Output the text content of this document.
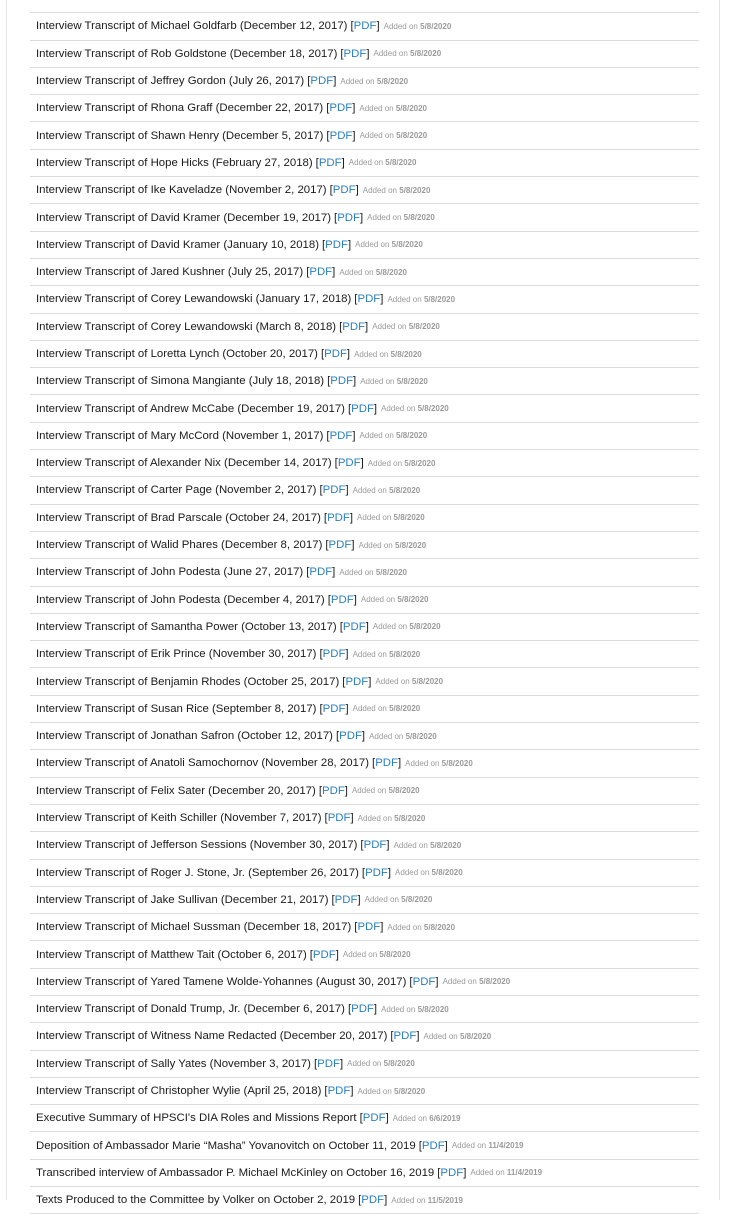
Interview Transcript of Michael Goldfarb (December 12, 2017) [PDF] Added on 5/8/2020
Interview Transcript of Rob Goldstone (December 18, 2017) [PDF] Added on 5/8/2020
Interview Transcript of Jeffrey Gordon (July 26, 2017) [PDF] Added on 5/8/2020
Interview Transcript of Rhona Graff (December 22, 2017) [PDF] Added on 5/8/2020
Interview Transcript of Shawn Henry (December 5, 2017) [PDF] Added on 5/8/2020
Interview Transcript of Hope Hicks (February 27, 2018) [PDF] Added on 5/8/2020
Interview Transcript of Ike Kaveladze (November 2, 2017) [PDF] Added on 5/8/2020
Interview Transcript of David Kramer (December 19, 2017) [PDF] Added on 5/8/2020
Interview Transcript of David Kramer (January 10, 2018) [PDF] Added on 5/8/2020
Interview Transcript of Jared Kushner (July 25, 2017) [PDF] Added on 5/8/2020
Interview Transcript of Corey Lewandowski (January 17, 2018) [PDF] Added on 5/8/2020
Interview Transcript of Corey Lewandowski (March 8, 2018) [PDF] Added on 5/8/2020
Interview Transcript of Loretta Lynch (October 20, 2017) [PDF] Added on 5/8/2020
Interview Transcript of Simona Mangiante (July 18, 2018) [PDF] Added on 5/8/2020
Interview Transcript of Andrew McCabe (December 19, 2017) [PDF] Added on 5/8/2020
Interview Transcript of Mary McCord (November 1, 2017) [PDF] Added on 5/8/2020
Interview Transcript of Alexander Nix (December 14, 2017) [PDF] Added on 5/8/2020
Interview Transcript of Carter Page (November 2, 2017) [PDF] Added on 5/8/2020
Interview Transcript of Brad Parscale (October 24, 2017) [PDF] Added on 5/8/2020
Interview Transcript of Walid Phares (December 8, 2017) [PDF] Added on 5/8/2020
Interview Transcript of John Podesta (June 27, 2017) [PDF] Added on 5/8/2020
Interview Transcript of John Podesta (December 4, 2017) [PDF] Added on 5/8/2020
Interview Transcript of Samantha Power (October 13, 2017) [PDF] Added on 5/8/2020
Interview Transcript of Erik Prince (November 30, 2017) [PDF] Added on 5/8/2020
Interview Transcript of Benjamin Rhodes (October 25, 2017) [PDF] Added on 5/8/2020
Interview Transcript of Susan Rice (September 8, 2017) [PDF] Added on 5/8/2020
Interview Transcript of Jonathan Safron (October 12, 2017) [PDF] Added on 5/8/2020
Interview Transcript of Anatoli Samochornov (November 28, 2017) [PDF] Added on 5/8/2020
Interview Transcript of Felix Sater (December 20, 2017) [PDF] Added on 5/8/2020
Interview Transcript of Keith Schiller (November 7, 2017) [PDF] Added on 5/8/2020
Interview Transcript of Jefferson Sessions (November 30, 2017) [PDF] Added on 5/8/2020
Interview Transcript of Roger J. Stone, Jr. (September 26, 2017) [PDF] Added on 5/8/2020
Interview Transcript of Jake Sullivan (December 21, 2017) [PDF] Added on 5/8/2020
Interview Transcript of Michael Sussman (December 18, 2017) [PDF] Added on 5/8/2020
Interview Transcript of Matthew Tait (October 6, 2017) [PDF] Added on 5/8/2020
Interview Transcript of Yared Tamene Wolde-Yohannes (August 30, 2017) [PDF] Added on 5/8/2020
Interview Transcript of Donald Trump, Jr. (December 6, 2017) [PDF] Added on 5/8/2020
Interview Transcript of Witness Name Redacted (December 20, 2017) [PDF] Added on 5/8/2020
Interview Transcript of Sally Yates (November 3, 2017) [PDF] Added on 5/8/2020
Interview Transcript of Christopher Wylie (April 25, 2018) [PDF] Added on 5/8/2020
Executive Summary of HPSCI's DIA Roles and Missions Report [PDF] Added on 6/6/2019
Deposition of Ambassador Marie “Masha” Yovanovitch on October 11, 2019 [PDF] Added on 11/4/2019
Transcribed interview of Ambassador P. Michael McKinley on October 16, 2019 [PDF] Added on 11/4/2019
Texts Produced to the Committee by Volker on October 2, 2019 [PDF] Added on 11/5/2019
